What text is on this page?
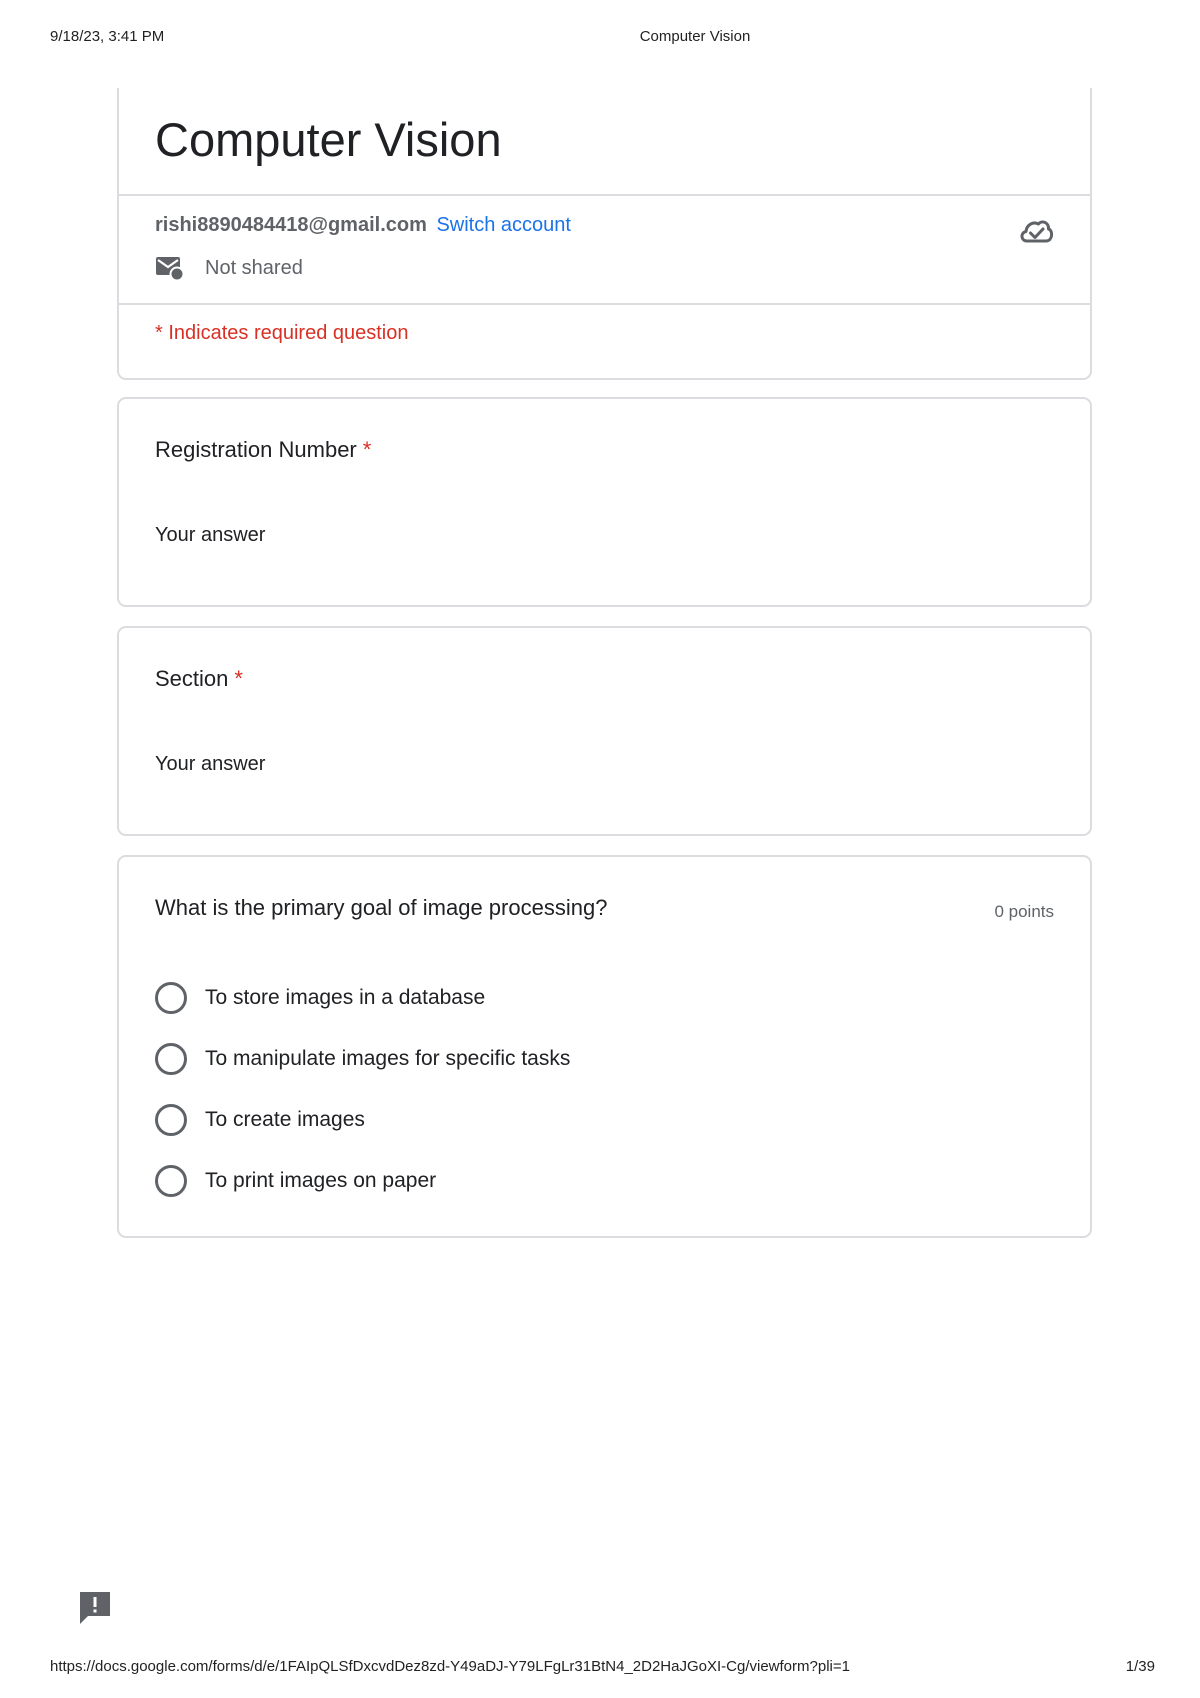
9/18/23, 3:41 PM	Computer Vision
Computer Vision
rishi8890484418@gmail.com Switch account
Not shared
* Indicates required question
Registration Number *
Your answer
Section *
Your answer
What is the primary goal of image processing?	0 points
To store images in a database
To manipulate images for specific tasks
To create images
To print images on paper
https://docs.google.com/forms/d/e/1FAIpQLSfDxcvdDez8zd-Y49aDJ-Y79LFgLr31BtN4_2D2HaJGoXI-Cg/viewform?pli=1	1/39
